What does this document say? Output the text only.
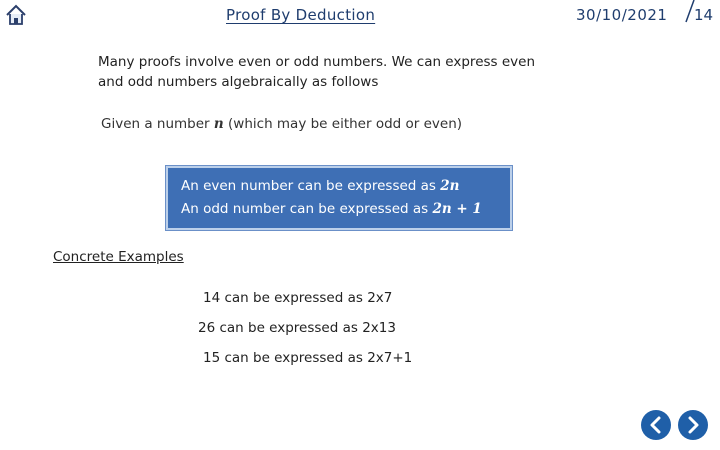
Proof By Deduction	30/10/2021 14
Many proofs involve even or odd numbers. We can express even and odd numbers algebraically as follows
Given a number n (which may be either odd or even)
An even number can be expressed as 2n
An odd number can be expressed as 2n + 1
Concrete Examples
14 can be expressed as 2x7
26 can be expressed as 2x13
15 can be expressed as 2x7+1
